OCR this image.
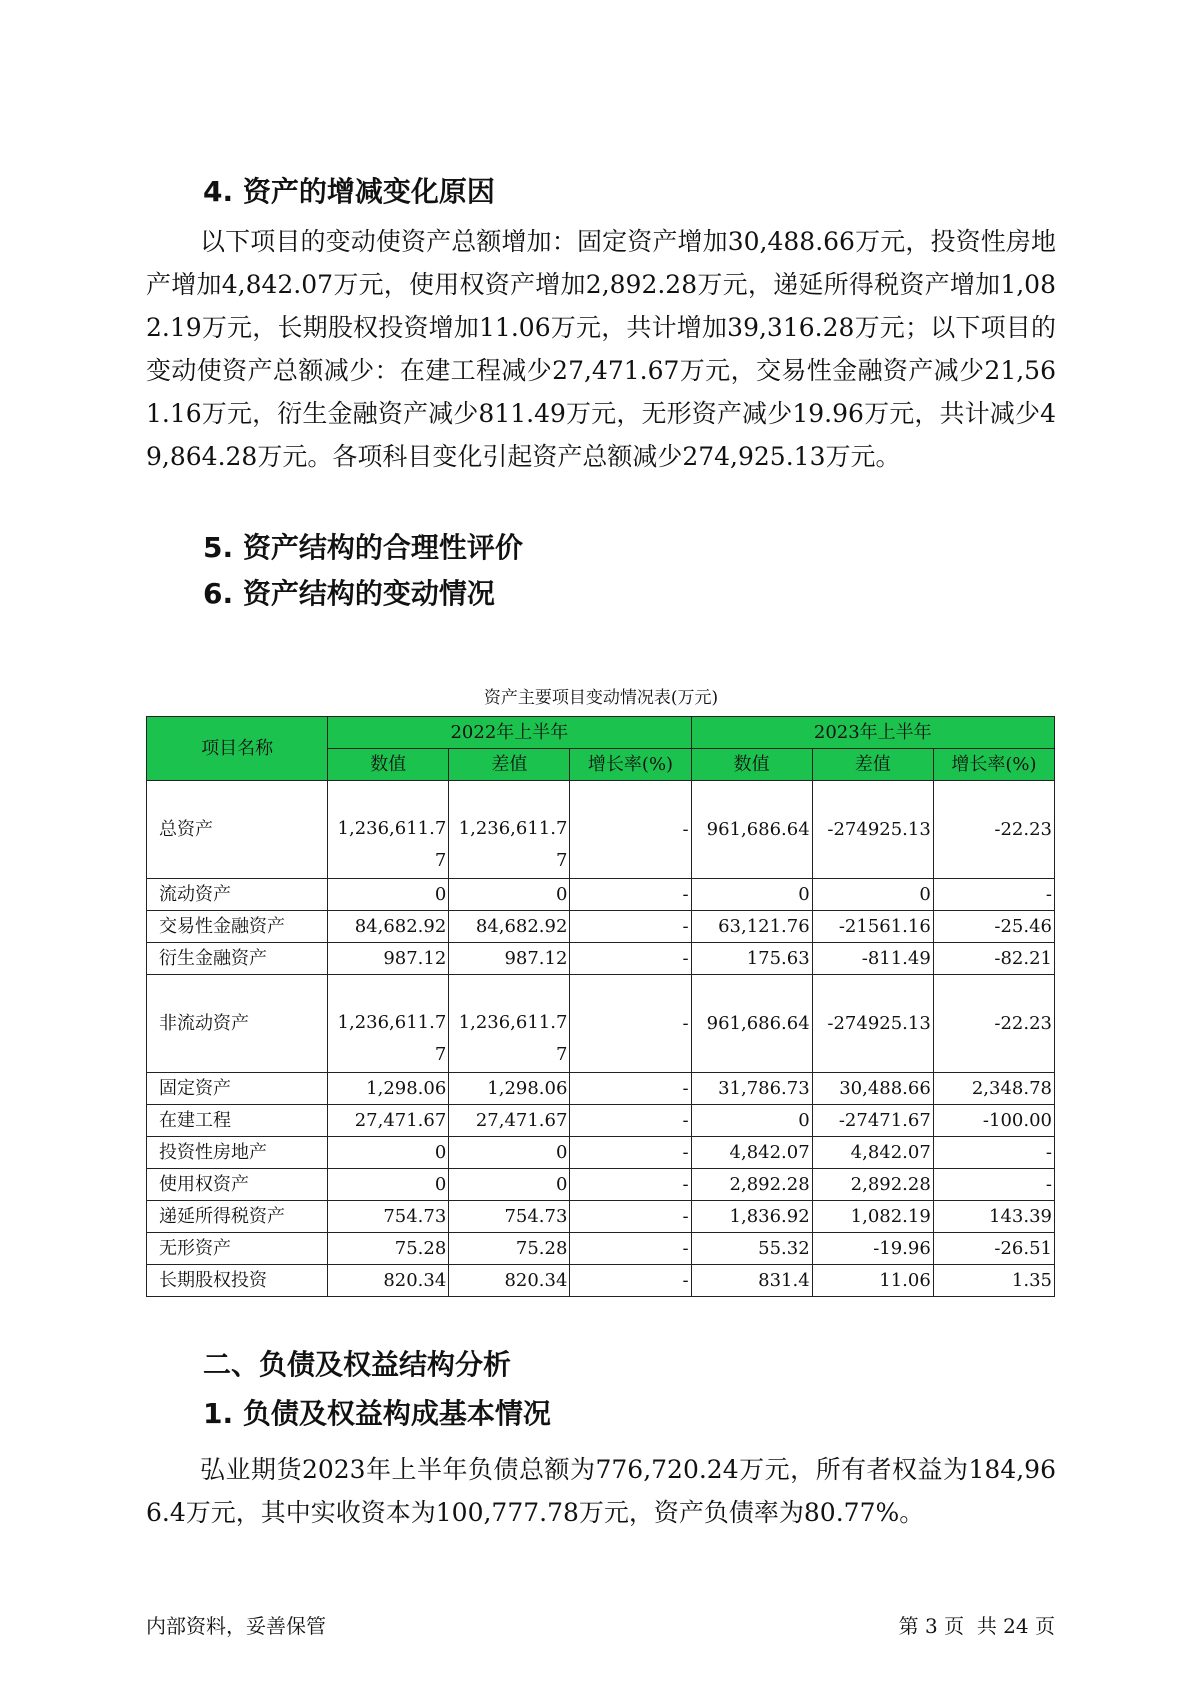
4. 资产的增减变化原因

以下项目的变动使资产总额增加：固定资产增加30,488.66万元，投资性房地产增加4,842.07万元，使用权资产增加2,892.28万元，递延所得税资产增加1,082.19万元，长期股权投资增加11.06万元，共计增加39,316.28万元；以下项目的变动使资产总额减少：在建工程减少27,471.67万元，交易性金融资产减少21,561.16万元，衍生金融资产减少811.49万元，无形资产减少19.96万元，共计减少49,864.28万元。各项科目变化引起资产总额减少274,925.13万元。

5. 资产结构的合理性评价
6. 资产结构的变动情况
资产主要项目变动情况表(万元)
项目名称	2022年上半年			2023年上半年		
	数值	差值	增长率(%)	数值	差值	增长率(%)
总资产	1,236,611.77	1,236,611.77	-	961,686.64	-274925.13	-22.23
流动资产	0	0	-	0	0	-
交易性金融资产	84,682.92	84,682.92	-	63,121.76	-21561.16	-25.46
衍生金融资产	987.12	987.12	-	175.63	-811.49	-82.21
非流动资产	1,236,611.77	1,236,611.77	-	961,686.64	-274925.13	-22.23
固定资产	1,298.06	1,298.06	-	31,786.73	30,488.66	2,348.78
在建工程	27,471.67	27,471.67	-	0	-27471.67	-100.00
投资性房地产	0	0	-	4,842.07	4,842.07	-
使用权资产	0	0	-	2,892.28	2,892.28	-
递延所得税资产	754.73	754.73	-	1,836.92	1,082.19	143.39
无形资产	75.28	75.28	-	55.32	-19.96	-26.51
长期股权投资	820.34	820.34	-	831.4	11.06	1.35
二、负债及权益结构分析
1. 负债及权益构成基本情况

弘业期货2023年上半年负债总额为776,720.24万元，所有者权益为184,966.4万元，其中实收资本为100,777.78万元，资产负债率为80.77%。

内部资料，妥善保管	第 3 页  共 24 页
